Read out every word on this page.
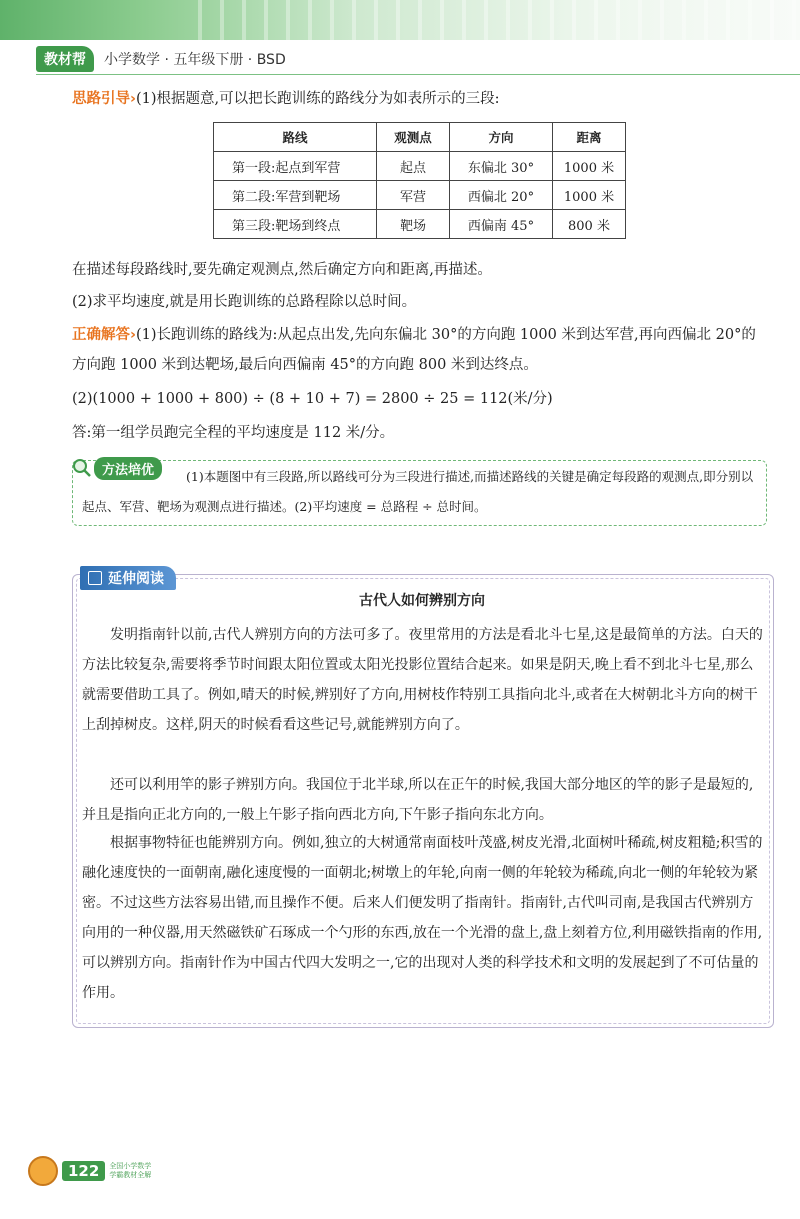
教材帮	小学数学 · 五年级下册 · BSD
思路引导›(1)根据题意,可以把长跑训练的路线分为如表所示的三段:
路线	观测点	方向	距离
第一段:起点到军营	起点	东偏北 30°	1000 米
第二段:军营到靶场	军营	西偏北 20°	1000 米
第三段:靶场到终点	靶场	西偏南 45°	800 米
在描述每段路线时,要先确定观测点,然后确定方向和距离,再描述。
(2)求平均速度,就是用长跑训练的总路程除以总时间。
正确解答›(1)长跑训练的路线为:从起点出发,先向东偏北 30°的方向跑 1000 米到达军营,再向西偏北 20°的方向跑 1000 米到达靶场,最后向西偏南 45°的方向跑 800 米到达终点。
(2)(1000 + 1000 + 800) ÷ (8 + 10 + 7) = 2800 ÷ 25 = 112(米/分)
答:第一组学员跑完全程的平均速度是 112 米/分。
方法培优	(1)本题图中有三段路,所以路线可分为三段进行描述,而描述路线的关键是确定每段路的观测点,即分别以起点、军营、靶场为观测点进行描述。(2)平均速度 = 总路程 ÷ 总时间。
延伸阅读
古代人如何辨别方向
发明指南针以前,古代人辨别方向的方法可多了。夜里常用的方法是看北斗七星,这是最简单的方法。白天的方法比较复杂,需要将季节时间跟太阳位置或太阳光投影位置结合起来。如果是阴天,晚上看不到北斗七星,那么就需要借助工具了。例如,晴天的时候,辨别好了方向,用树枝作特别工具指向北斗,或者在大树朝北斗方向的树干上刮掉树皮。这样,阴天的时候看看这些记号,就能辨别方向了。
还可以利用竿的影子辨别方向。我国位于北半球,所以在正午的时候,我国大部分地区的竿的影子是最短的,并且是指向正北方向的,一般上午影子指向西北方向,下午影子指向东北方向。
根据事物特征也能辨别方向。例如,独立的大树通常南面枝叶茂盛,树皮光滑,北面树叶稀疏,树皮粗糙;积雪的融化速度快的一面朝南,融化速度慢的一面朝北;树墩上的年轮,向南一侧的年轮较为稀疏,向北一侧的年轮较为紧密。 不过这些方法容易出错,而且操作不便。后来人们便发明了指南针。指南针,古代叫司南,是我国古代辨别方向用的一种仪器,用天然磁铁矿石琢成一个勺形的东西,放在一个光滑的盘上,盘上刻着方位,利用磁铁指南的作用,可以辨别方向。指南针作为中国古代四大发明之一,它的出现对人类的科学技术和文明的发展起到了不可估量的作用。
122	全国小学数学
学霸教材全解
